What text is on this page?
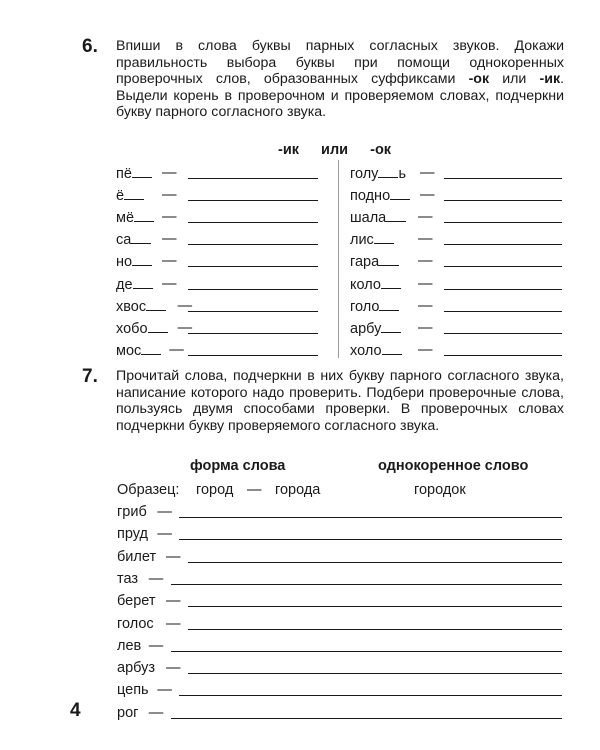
6. Впиши в слова буквы парных согласных звуков. Докажи правильность выбора буквы при помощи однокоренных проверочных слов, образованных суффиксами -ок или -ик. Выдели корень в проверочном и проверяемом словах, подчеркни букву парного согласного звука.

-ик или -ок
пё	—
ё	—
мё	—
са	—
но	—
де	—
хвос	—
хобо	—
мос	—
голу ь —
подно	—
шала	—
лис	—
гара	—
коло	—
голо	—
арбу	—
холо	—
7. Прочитай слова, подчеркни в них букву парного согласного звука, написание которого надо проверить. Подбери проверочные слова, пользуясь двумя способами проверки. В проверочных словах подчеркни букву проверяемого согласного звука.

форма слова	однокоренное слово
Образец: город — города	городок
гриб —
пруд —
билет —
таз —
берет —
голос —
лев —
арбуз —
цепь —
рог —
4
